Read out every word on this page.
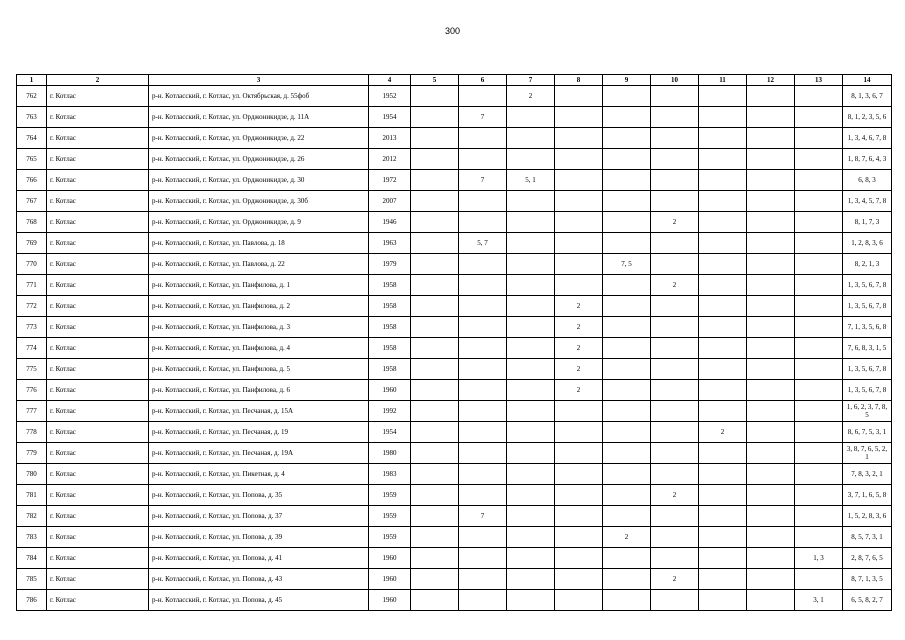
300
1	2	3	4	5	6	7	8	9	10	11	12	13	14
762	г. Котлас	р-н. Котласский, г. Котлас, ул. Октябрьская, д. 55фоб	1952			2							8, 1, 3, 6, 7
763	г. Котлас	р-н. Котласский, г. Котлас, ул. Орджоникидзе, д. 11А	1954		7								8, 1, 2, 3, 5, 6
764	г. Котлас	р-н. Котласский, г. Котлас, ул. Орджоникидзе, д. 22	2013										1, 3, 4, 6, 7, 8
765	г. Котлас	р-н. Котласский, г. Котлас, ул. Орджоникидзе, д. 26	2012										1, 8, 7, 6, 4, 3
766	г. Котлас	р-н. Котласский, г. Котлас, ул. Орджоникидзе, д. 30	1972		7	5, 1							6, 8, 3
767	г. Котлас	р-н. Котласский, г. Котлас, ул. Орджоникидзе, д. 30б	2007										1, 3, 4, 5, 7, 8
768	г. Котлас	р-н. Котласский, г. Котлас, ул. Орджоникидзе, д. 9	1946						2				8, 1, 7, 3
769	г. Котлас	р-н. Котласский, г. Котлас, ул. Павлова, д. 18	1963		5, 7								1, 2, 8, 3, 6
770	г. Котлас	р-н. Котласский, г. Котлас, ул. Павлова, д. 22	1979					7, 5					8, 2, 1, 3
771	г. Котлас	р-н. Котласский, г. Котлас, ул. Панфилова, д. 1	1958						2				1, 3, 5, 6, 7, 8
772	г. Котлас	р-н. Котласский, г. Котлас, ул. Панфилова, д. 2	1958				2						1, 3, 5, 6, 7, 8
773	г. Котлас	р-н. Котласский, г. Котлас, ул. Панфилова, д. 3	1958				2						7, 1, 3, 5, 6, 8
774	г. Котлас	р-н. Котласский, г. Котлас, ул. Панфилова, д. 4	1958				2						7, 6, 8, 3, 1, 5
775	г. Котлас	р-н. Котласский, г. Котлас, ул. Панфилова, д. 5	1958				2						1, 3, 5, 6, 7, 8
776	г. Котлас	р-н. Котласский, г. Котлас, ул. Панфилова, д. 6	1960				2						1, 3, 5, 6, 7, 8
777	г. Котлас	р-н. Котласский, г. Котлас, ул. Песчаная, д. 15А	1992										1, 6, 2, 3, 7, 8, 5
778	г. Котлас	р-н. Котласский, г. Котлас, ул. Песчаная, д. 19	1954							2			8, 6, 7, 5, 3, 1
779	г. Котлас	р-н. Котласский, г. Котлас, ул. Песчаная, д. 19А	1980										3, 8, 7, 6, 5, 2, 1
780	г. Котлас	р-н. Котласский, г. Котлас, ул. Пикетная, д. 4	1983										7, 8, 3, 2, 1
781	г. Котлас	р-н. Котласский, г. Котлас, ул. Попова, д. 35	1959						2				3, 7, 1, 6, 5, 8
782	г. Котлас	р-н. Котласский, г. Котлас, ул. Попова, д. 37	1959		7								1, 5, 2, 8, 3, 6
783	г. Котлас	р-н. Котласский, г. Котлас, ул. Попова, д. 39	1959					2					8, 5, 7, 3, 1
784	г. Котлас	р-н. Котласский, г. Котлас, ул. Попова, д. 41	1960									1, 3	2, 8, 7, 6, 5
785	г. Котлас	р-н. Котласский, г. Котлас, ул. Попова, д. 43	1960						2				8, 7, 1, 3, 5
786	г. Котлас	р-н. Котласский, г. Котлас, ул. Попова, д. 45	1960									3, 1	6, 5, 8, 2, 7
